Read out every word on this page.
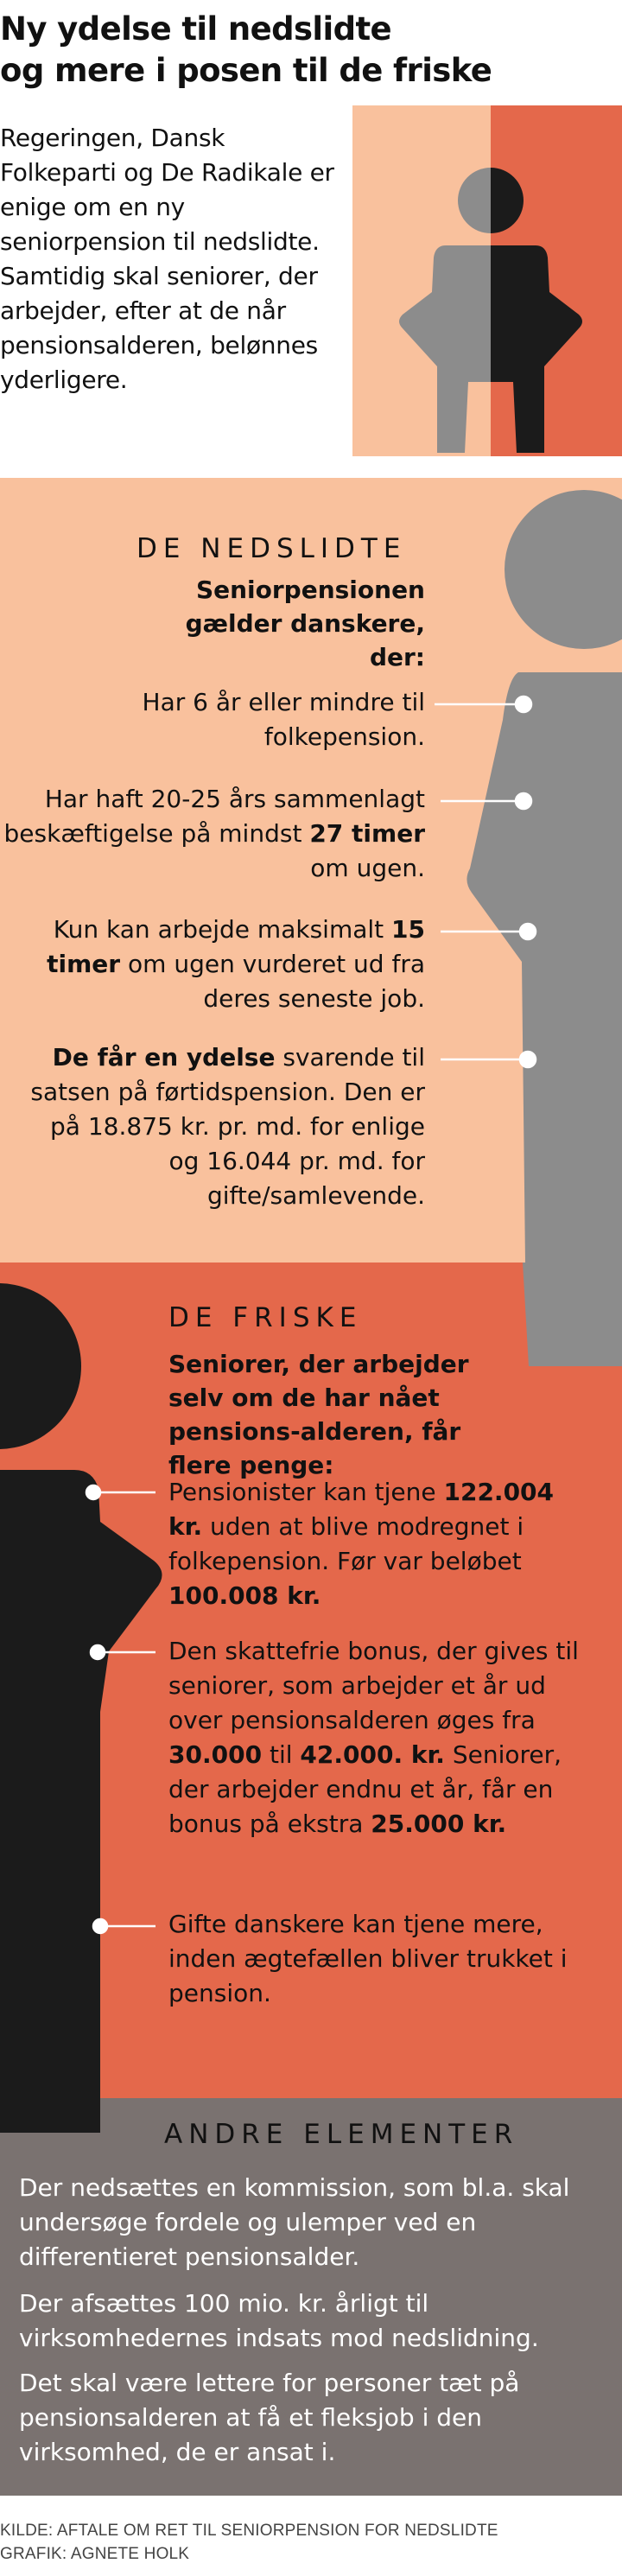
Ny ydelse til nedslidte
og mere i posen til de friske

Regeringen, Dansk Folkeparti og De Radikale er enige om en ny seniorpension til nedslidte.

Samtidig skal seniorer, der arbejder, efter at de når pensionsalderen, belønnes yderligere.

DE NEDSLIDTE

Seniorpensionen gælder danskere, der:

Har 6 år eller mindre til folkepension.

Har haft 20-25 års sammenlagt beskæftigelse på mindst 27 timer om ugen.

Kun kan arbejde maksimalt 15 timer om ugen vurderet ud fra deres seneste job.

De får en ydelse svarende til satsen på førtidspension. Den er på 18.875 kr. pr. md. for enlige og 16.044 pr. md. for gifte/samlevende.

DE FRISKE

Seniorer, der arbejder selv om de har nået pensions-alderen, får flere penge:

Pensionister kan tjene 122.004 kr. uden at blive modregnet i folkepension. Før var beløbet 100.008 kr.

Den skattefrie bonus, der gives til seniorer, som arbejder et år ud over pensionsalderen øges fra 30.000 til 42.000. kr. Seniorer, der arbejder endnu et år, får en bonus på ekstra 25.000 kr.

Gifte danskere kan tjene mere, inden ægtefællen bliver trukket i pension.

ANDRE ELEMENTER

Der nedsættes en kommission, som bl.a. skal undersøge fordele og ulemper ved en differentieret pensionsalder.

Der afsættes 100 mio. kr. årligt til virksomhedernes indsats mod nedslidning.

Det skal være lettere for personer tæt på pensionsalderen at få et fleksjob i den virksomhed, de er ansat i.

KILDE: AFTALE OM RET TIL SENIORPENSION FOR NEDSLIDTE
GRAFIK: AGNETE HOLK
